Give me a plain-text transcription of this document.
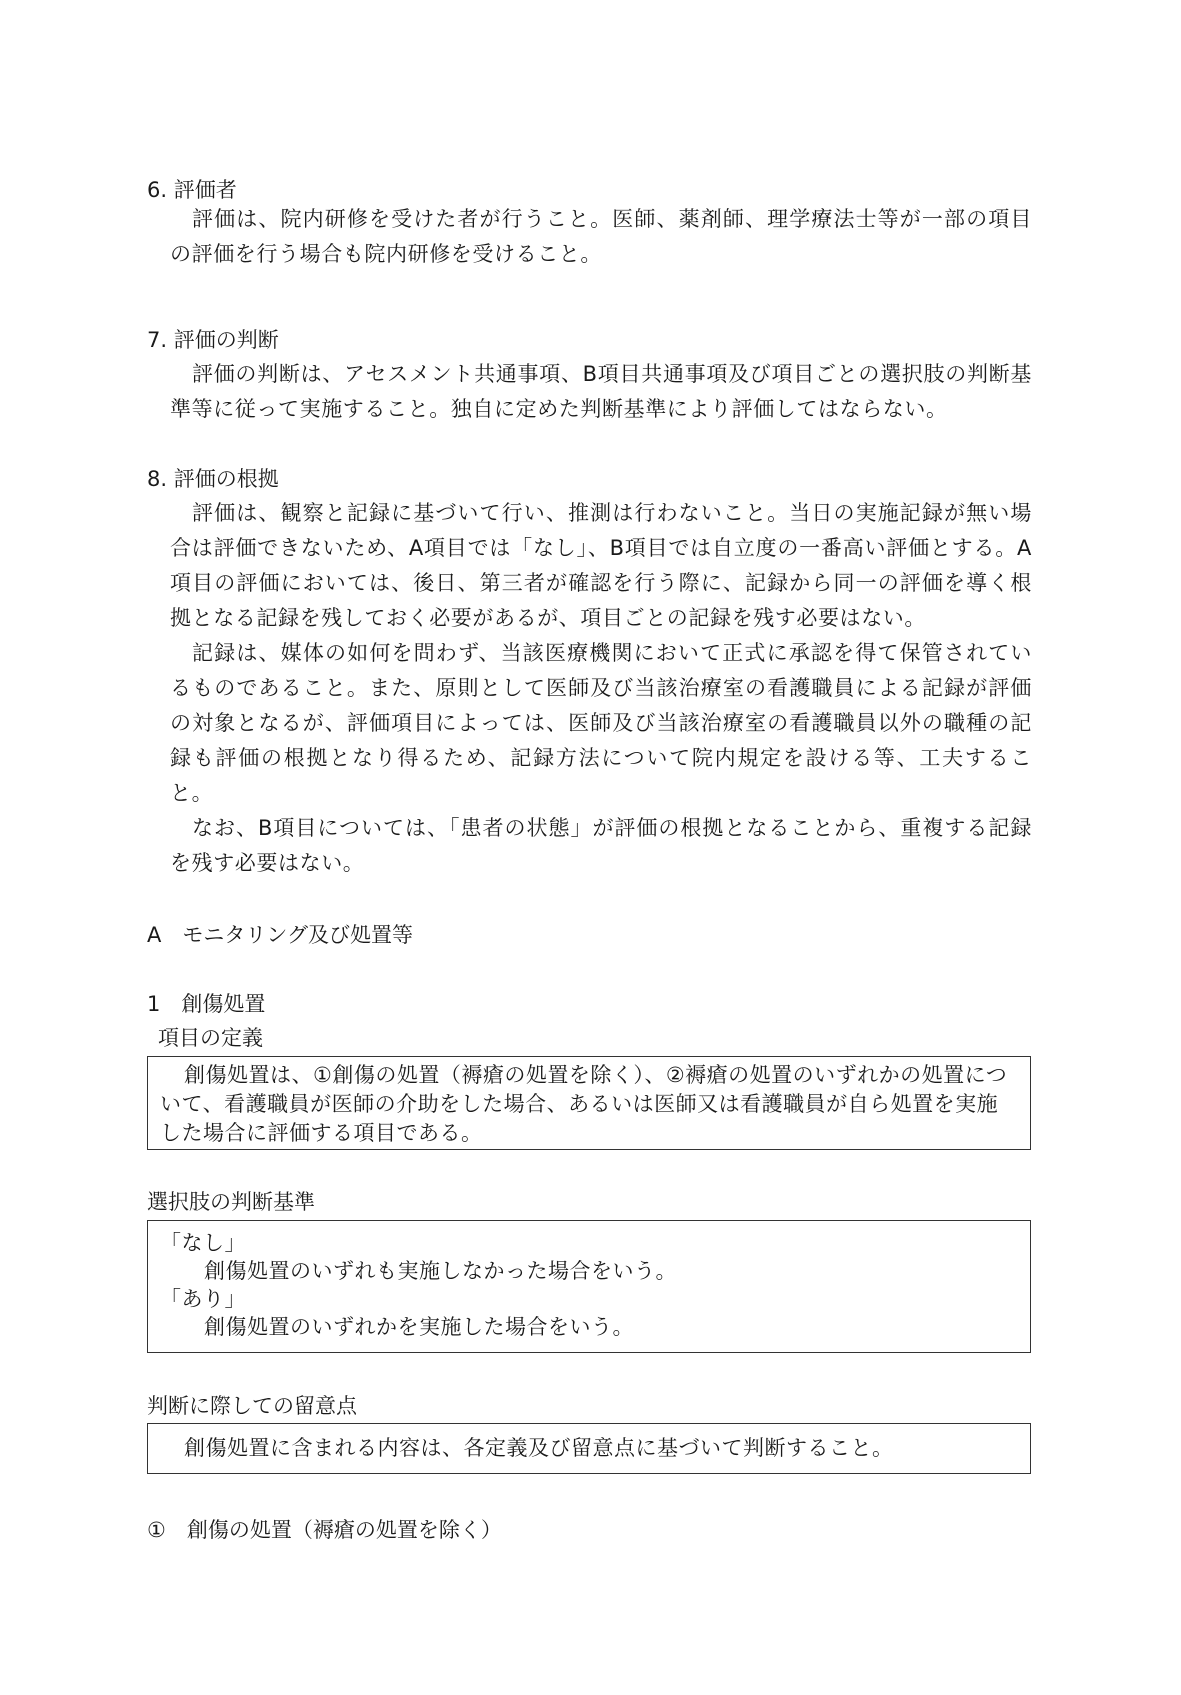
6. 評価者

評価は、院内研修を受けた者が行うこと。医師、薬剤師、理学療法士等が一部の項目の評価を行う場合も院内研修を受けること。

7. 評価の判断

評価の判断は、アセスメント共通事項、B項目共通事項及び項目ごとの選択肢の判断基準等に従って実施すること。独自に定めた判断基準により評価してはならない。

8. 評価の根拠

評価は、観察と記録に基づいて行い、推測は行わないこと。当日の実施記録が無い場合は評価できないため、A項目では「なし」、B項目では自立度の一番高い評価とする。A項目の評価においては、後日、第三者が確認を行う際に、記録から同一の評価を導く根拠となる記録を残しておく必要があるが、項目ごとの記録を残す必要はない。

記録は、媒体の如何を問わず、当該医療機関において正式に承認を得て保管されているものであること。また、原則として医師及び当該治療室の看護職員による記録が評価の対象となるが、評価項目によっては、医師及び当該治療室の看護職員以外の職種の記録も評価の根拠となり得るため、記録方法について院内規定を設ける等、工夫すること。

なお、B項目については、「患者の状態」が評価の根拠となることから、重複する記録を残す必要はない。

A　モニタリング及び処置等
1　創傷処置
項目の定義

創傷処置は、①創傷の処置（褥瘡の処置を除く）、②褥瘡の処置のいずれかの処置について、看護職員が医師の介助をした場合、あるいは医師又は看護職員が自ら処置を実施した場合に評価する項目である。

選択肢の判断基準
「なし」
創傷処置のいずれも実施しなかった場合をいう。
「あり」
創傷処置のいずれかを実施した場合をいう。
判断に際しての留意点

創傷処置に含まれる内容は、各定義及び留意点に基づいて判断すること。

①　創傷の処置（褥瘡の処置を除く）
